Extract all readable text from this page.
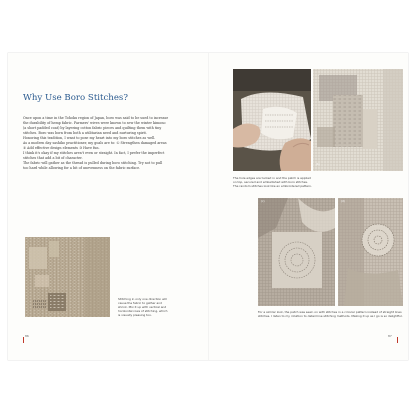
Why Use Boro Stitches?

Once upon a time in the Tohoku region of Japan, boro was said to be used to increase

the durability of hemp fabric. Farmers' wives were known to sew the winter kimono

(a short padded coat) by layering cotton fabric pieces and quilting them with tiny

stitches. Boro was born from both a utilitarian need and nurturing spirit.

Honoring this tradition, I want to pose my heart into my boro stitches as well.

As a modern day sashiko practitioner, my goals are to: ① Strengthen damaged areas

② Add effective design elements ③ Have fun.

I think it's okay if my stitches aren't even or straight. In fact, I prefer the imperfect

stitches that add a bit of character.

The fabric will gather as the thread is pulled during boro stitching. Try not to pull

too hard while allowing for a bit of unevenness on the fabric surface.

Stitching in only one direction will
cause the fabric to gather and
shrink. Mix it up with vertical and
horizontal rows of stitching, which
is visually pleasing too.
86
(b)
The hole edges are tucked in and the patch is applied
on top, secured and embellished with boro stitches.
The random stitches look like an embroidered pattern.
(c)	(d)
For a similar look, the patch was sewn on with stitches in a circular pattern instead of straight lines
stitches. I listen to my intuition to determine stitching methods. Making it up as I go is so delightful.
87
